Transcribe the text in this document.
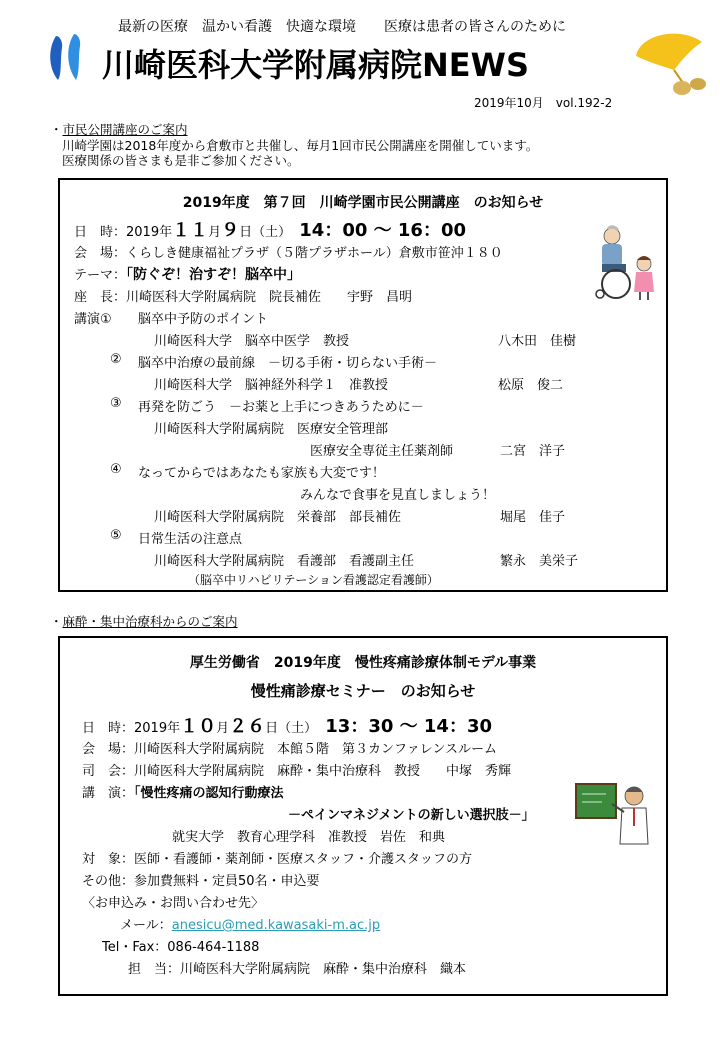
最新の医療　温かい看護　快適な環境　　医療は患者の皆さんのために
川崎医科大学附属病院NEWS
2019年10月　vol.192-2
・市民公開講座のご案内
川崎学園は2018年度から倉敷市と共催し、毎月1回市民公開講座を開催しています。
医療関係の皆さまも是非ご参加ください。
2019年度　第７回　川崎学園市民公開講座　のお知らせ
日　時：2019年１１月９日（土） 14：00 ～ 16：00
会　場：くらしき健康福祉プラザ（５階プラザホール）倉敷市笹沖１８０
テーマ：「防ぐぞ！治すぞ！脳卒中」
座　長：川崎医科大学附属病院　院長補佐　　宇野　昌明
講演① 脳卒中予防のポイント
川崎医科大学　脳卒中医学　教授	八木田　佳樹
② 脳卒中治療の最前線　－切る手術・切らない手術－
川崎医科大学　脳神経外科学１　准教授	松原　俊二
③ 再発を防ごう　－お薬と上手につきあうために－
川崎医科大学附属病院　医療安全管理部
医療安全専従主任薬剤師	二宮　洋子
④ なってからではあなたも家族も大変です！
みんなで食事を見直しましょう！
川崎医科大学附属病院　栄養部　部長補佐	堀尾　佳子
⑤ 日常生活の注意点
川崎医科大学附属病院　看護部　看護副主任	繁永　美栄子
（脳卒中リハビリテーション看護認定看護師）
・麻酔・集中治療科からのご案内
厚生労働省　2019年度　慢性疼痛診療体制モデル事業
慢性痛診療セミナー　のお知らせ
日　時：2019年１０月２６日（土） 13：30 ～ 14：30
会　場：川崎医科大学附属病院　本館５階　第３カンファレンスルーム
司　会：川崎医科大学附属病院　麻酔・集中治療科　教授　　中塚　秀輝
講　演：「慢性疼痛の認知行動療法
－ペインマネジメントの新しい選択肢－」
就実大学　教育心理学科　准教授　岩佐　和典
対　象：医師・看護師・薬剤師・医療スタッフ・介護スタッフの方
その他：参加費無料・定員50名・申込要
〈お申込み・お問い合わせ先〉
メール：anesicu@med.kawasaki-m.ac.jp
Tel・Fax：086-464-1188
担　当：川崎医科大学附属病院　麻酔・集中治療科　織本
